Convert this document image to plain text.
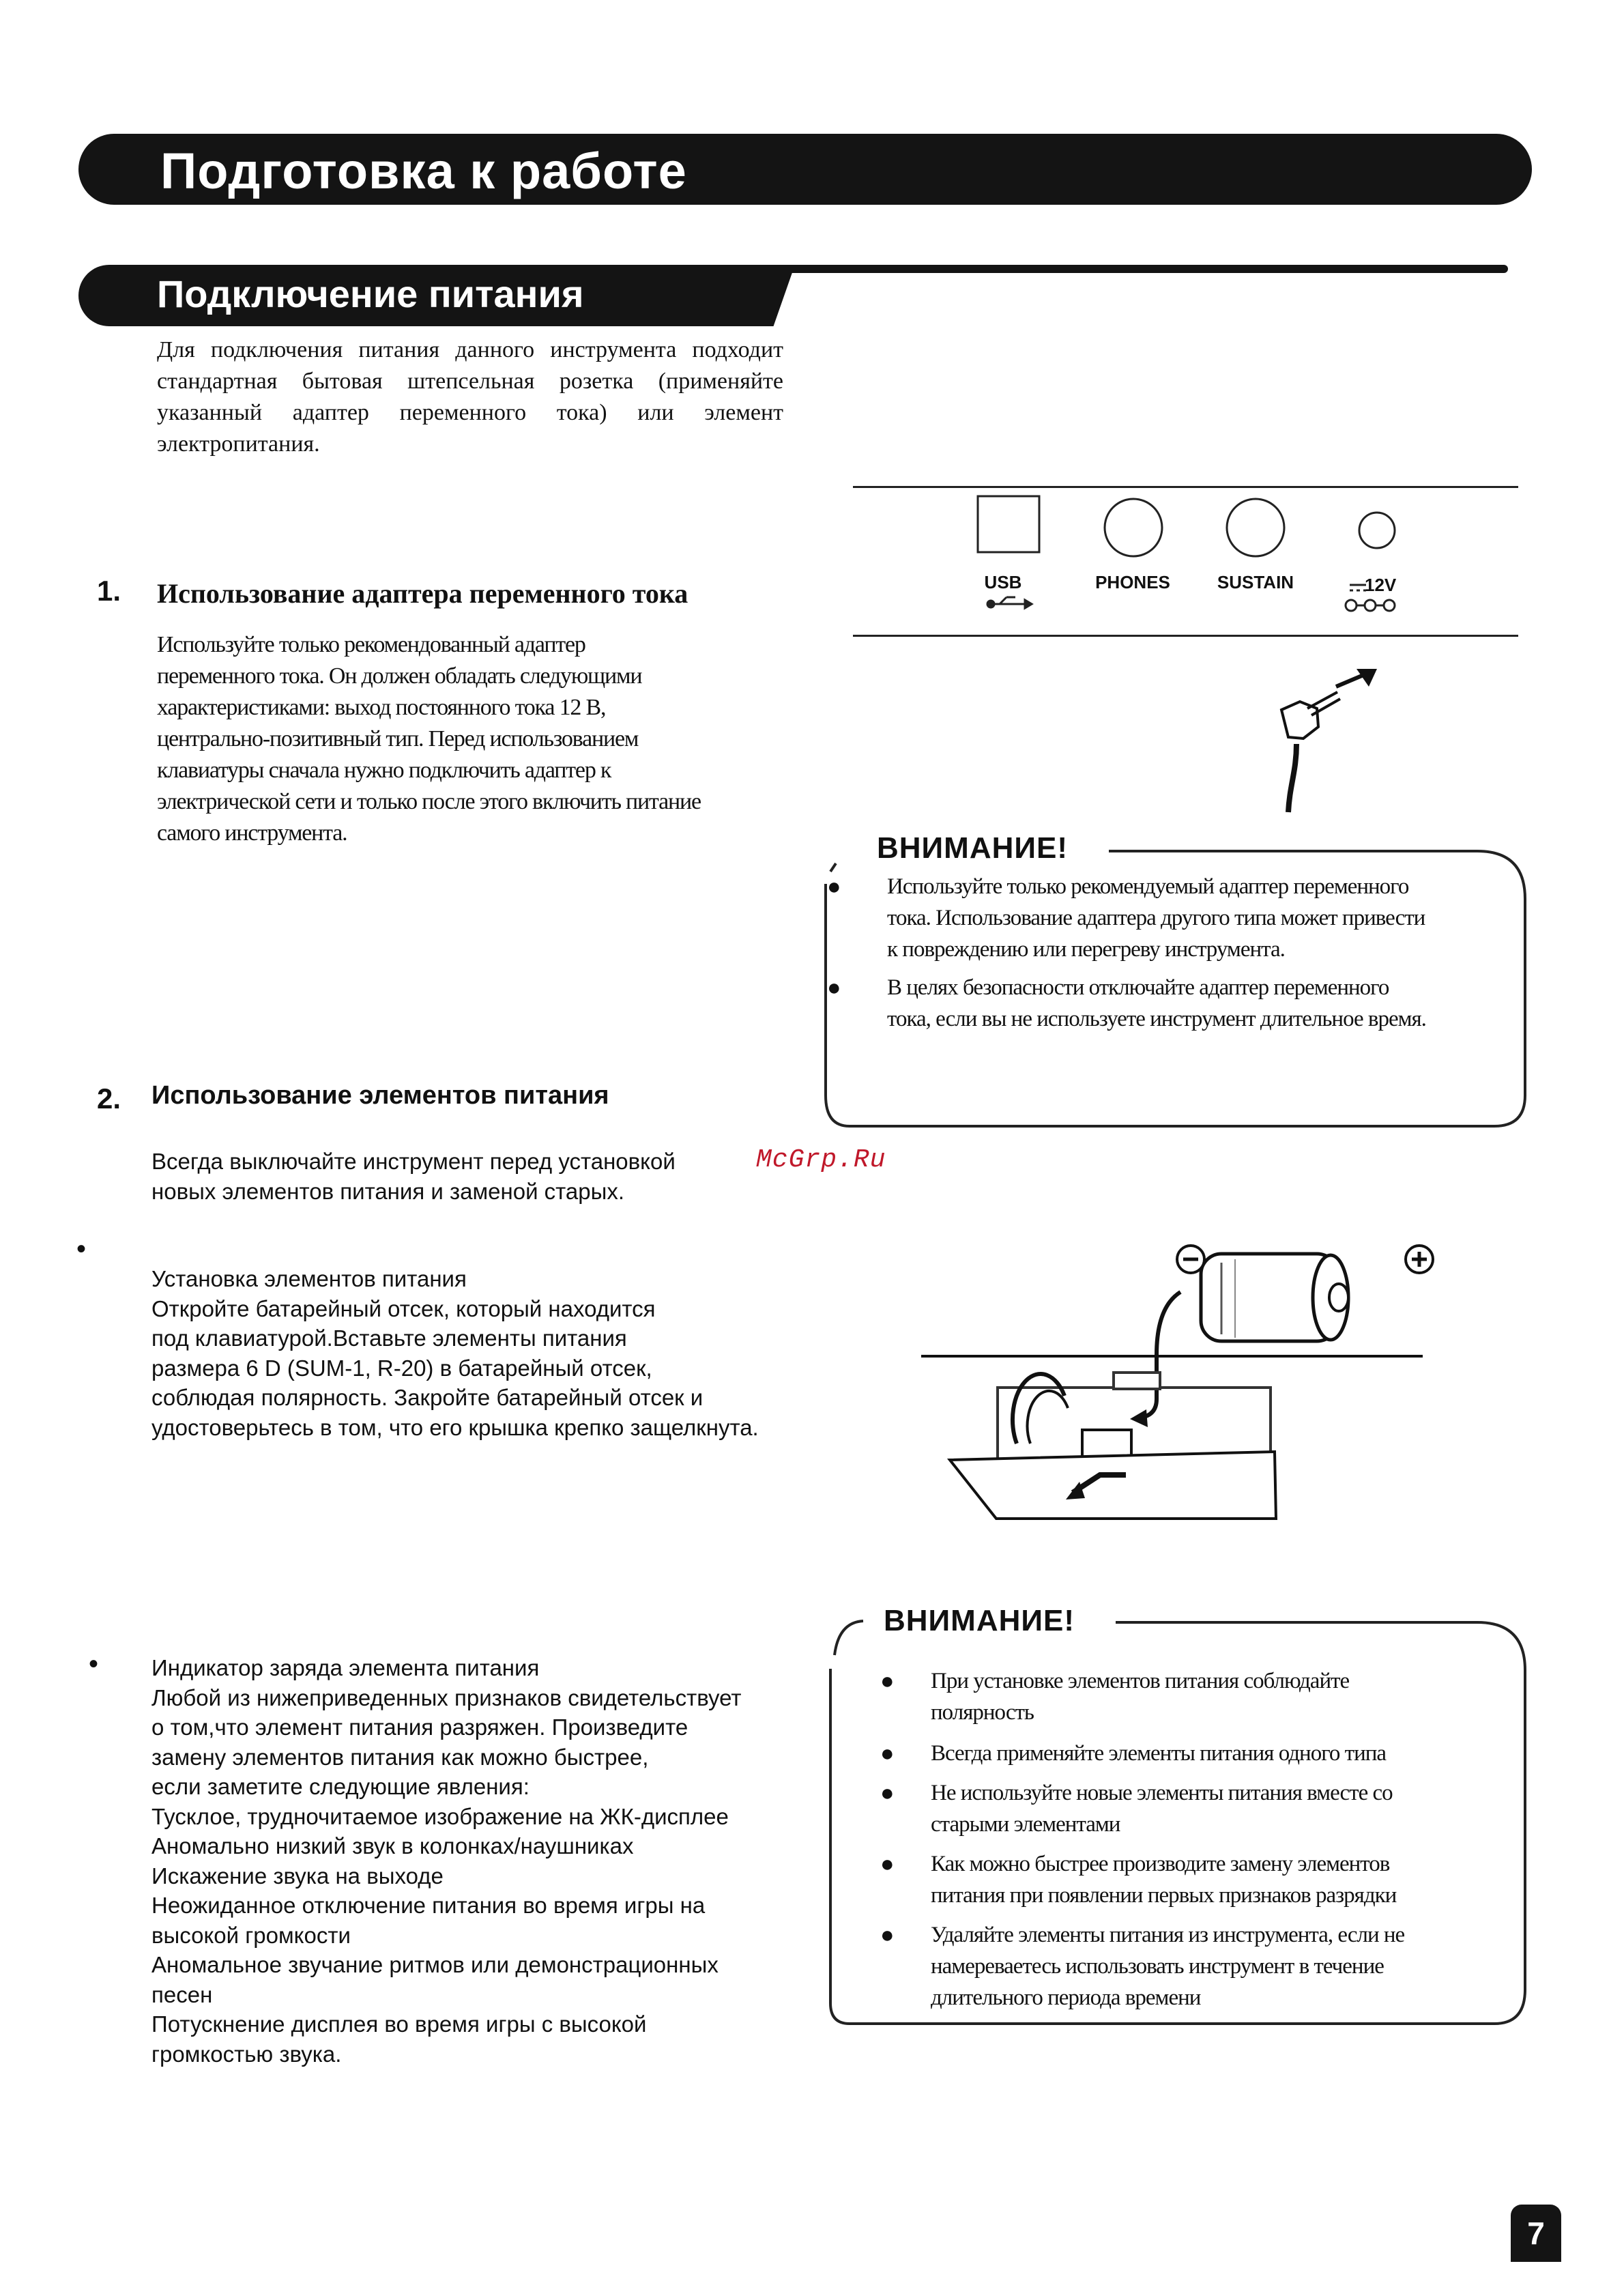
Подготовка к работе
Подключение питания
Для подключения питания данного инструмента подходит стандартная бытовая штепсельная розетка (применяйте указанный адаптер переменного тока) или элемент электропитания.
1. Использование адаптера переменного тока
Используйте только рекомендованный адаптер
переменного тока. Он должен обладать следующими
характеристиками: выход постоянного тока 12 В,
центрально-позитивный тип. Перед использованием
клавиатуры сначала нужно подключить адаптер к
электрической сети и только после этого включить питание
самого инструмента.
USB	PHONES	SUSTAIN	12V
ВНИМАНИЕ!
● Используйте только рекомендуемый адаптер переменного
тока. Использование адаптера другого типа может привести
к повреждению или перегреву инструмента.
● В целях безопасности отключайте адаптер переменного
тока, если вы не используете инструмент длительное время.
2. Использование элементов питания
Всегда выключайте инструмент перед установкой
новых элементов питания и заменой старых.
McGrp.Ru
•
Установка элементов питания
Откройте батарейный отсек, который находится
под клавиатурой.Вставьте элементы питания
размера 6 D (SUM-1, R-20) в батарейный отсек,
соблюдая полярность. Закройте батарейный отсек и
удостоверьтесь в том, что его крышка крепко защелкнута.
• Индикатор заряда элемента питания
Любой из нижеприведенных признаков свидетельствует
о том,что элемент питания разряжен. Произведите
замену элементов питания как можно быстрее,
если заметите следующие явления:
Тусклое, трудночитаемое изображение на ЖК-дисплее
Аномально низкий звук в колонках/наушниках
Искажение звука на выходе
Неожиданное отключение питания во время игры на
высокой громкости
Аномальное звучание ритмов или демонстрационных
песен
Потускнение дисплея во время игры с высокой
громкостью звука.
ВНИМАНИЕ!
● При установке элементов питания соблюдайте
полярность
● Всегда применяйте элементы питания одного типа
● Не используйте новые элементы питания вместе со
старыми элементами
● Как можно быстрее производите замену элементов
питания при появлении первых признаков разрядки
● Удаляйте элементы питания из инструмента, если не
намереваетесь использовать инструмент в течение
длительного периода времени
7
